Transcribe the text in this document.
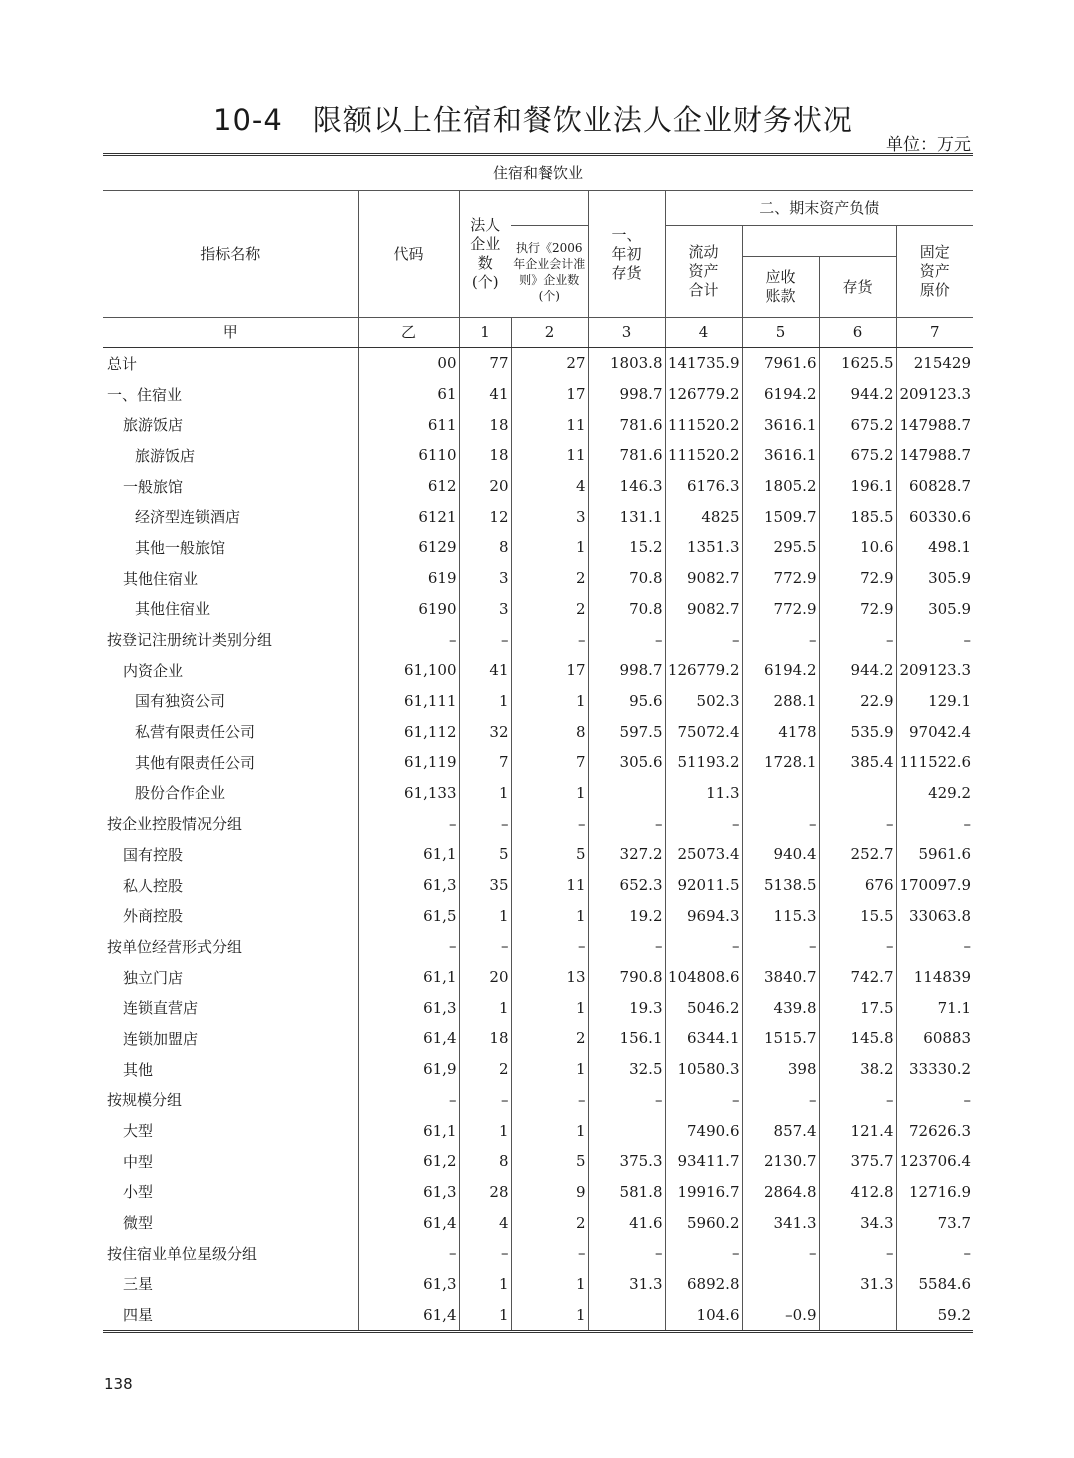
10-4　限额以上住宿和餐饮业法人企业财务状况
单位：万元
住宿和餐饮业								
指标名称	代码	法人企业数(个)		一、年初存货	二、期末资产负债			

			执行《2006年企业会计准则》企业数(个)		流动资产合计			固定资产原价

						应收账款	存货	
甲	乙	1	2	3	4	5	6	7
总计	00	77	27	1803.8	141735.9	7961.6	1625.5	215429
一、住宿业	61	41	17	998.7	126779.2	6194.2	944.2	209123.3
旅游饭店	611	18	11	781.6	111520.2	3616.1	675.2	147988.7
旅游饭店	6110	18	11	781.6	111520.2	3616.1	675.2	147988.7
一般旅馆	612	20	4	146.3	6176.3	1805.2	196.1	60828.7
经济型连锁酒店	6121	12	3	131.1	4825	1509.7	185.5	60330.6
其他一般旅馆	6129	8	1	15.2	1351.3	295.5	10.6	498.1
其他住宿业	619	3	2	70.8	9082.7	772.9	72.9	305.9
其他住宿业	6190	3	2	70.8	9082.7	772.9	72.9	305.9
按登记注册统计类别分组	–	–	–	–	–	–	–	–
内资企业	61,100	41	17	998.7	126779.2	6194.2	944.2	209123.3
国有独资公司	61,111	1	1	95.6	502.3	288.1	22.9	129.1
私营有限责任公司	61,112	32	8	597.5	75072.4	4178	535.9	97042.4
其他有限责任公司	61,119	7	7	305.6	51193.2	1728.1	385.4	111522.6
股份合作企业	61,133	1	1		11.3			429.2
按企业控股情况分组	–	–	–	–	–	–	–	–
国有控股	61,1	5	5	327.2	25073.4	940.4	252.7	5961.6
私人控股	61,3	35	11	652.3	92011.5	5138.5	676	170097.9
外商控股	61,5	1	1	19.2	9694.3	115.3	15.5	33063.8
按单位经营形式分组	–	–	–	–	–	–	–	–
独立门店	61,1	20	13	790.8	104808.6	3840.7	742.7	114839
连锁直营店	61,3	1	1	19.3	5046.2	439.8	17.5	71.1
连锁加盟店	61,4	18	2	156.1	6344.1	1515.7	145.8	60883
其他	61,9	2	1	32.5	10580.3	398	38.2	33330.2
按规模分组	–	–	–	–	–	–	–	–
大型	61,1	1	1		7490.6	857.4	121.4	72626.3
中型	61,2	8	5	375.3	93411.7	2130.7	375.7	123706.4
小型	61,3	28	9	581.8	19916.7	2864.8	412.8	12716.9
微型	61,4	4	2	41.6	5960.2	341.3	34.3	73.7
按住宿业单位星级分组	–	–	–	–	–	–	–	–
三星	61,3	1	1	31.3	6892.8		31.3	5584.6
四星	61,4	1	1		104.6	–0.9		59.2
138
